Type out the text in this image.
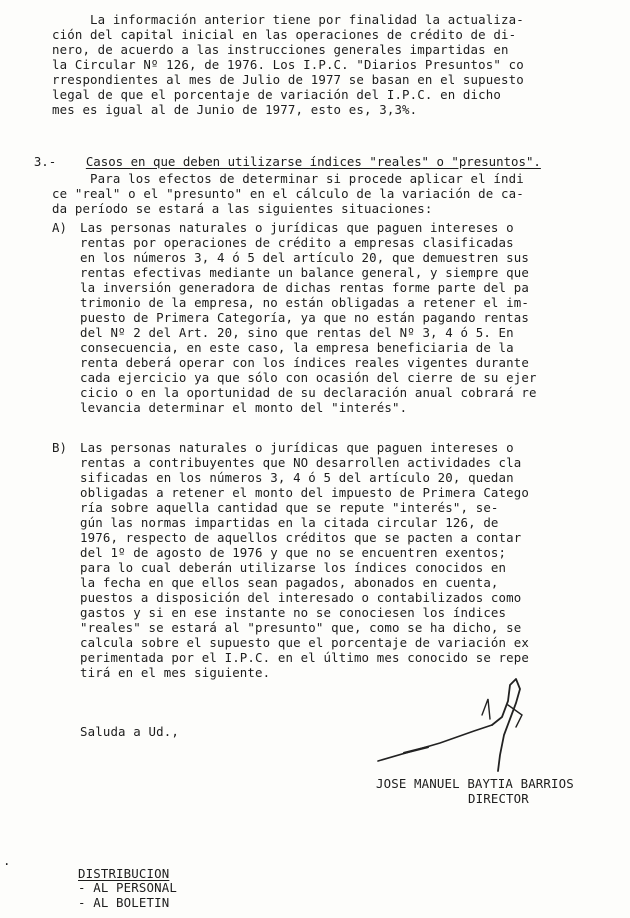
La información anterior tiene por finalidad la actualiza-
ción del capital inicial en las operaciones de crédito de di-
nero, de acuerdo a las instrucciones generales impartidas en
la Circular Nº 126, de 1976. Los I.P.C. "Diarios Presuntos" co
rrespondientes al mes de Julio de 1977 se basan en el supuesto
legal de que el porcentaje de variación del I.P.C. en dicho
mes es igual al de Junio de 1977, esto es, 3,3%.

3.- Casos en que deben utilizarse índices "reales" o "presuntos".

Para los efectos de determinar si procede aplicar el índi
ce "real" o el "presunto" en el cálculo de la variación de ca-
da período se estará a las siguientes situaciones:
A) Las personas naturales o jurídicas que paguen intereses o
rentas por operaciones de crédito a empresas clasificadas
en los números 3, 4 ó 5 del artículo 20, que demuestren sus
rentas efectivas mediante un balance general, y siempre que
la inversión generadora de dichas rentas forme parte del pa
trimonio de la empresa, no están obligadas a retener el im-
puesto de Primera Categoría, ya que no están pagando rentas
del Nº 2 del Art. 20, sino que rentas del Nº 3, 4 ó 5. En
consecuencia, en este caso, la empresa beneficiaria de la
renta deberá operar con los índices reales vigentes durante
cada ejercicio ya que sólo con ocasión del cierre de su ejer
cicio o en la oportunidad de su declaración anual cobrará re
levancia determinar el monto del "interés".
B) Las personas naturales o jurídicas que paguen intereses o
rentas a contribuyentes que NO desarrollen actividades cla
sificadas en los números 3, 4 ó 5 del artículo 20, quedan
obligadas a retener el monto del impuesto de Primera Catego
ría sobre aquella cantidad que se repute "interés", se-
gún las normas impartidas en la citada circular 126, de
1976, respecto de aquellos créditos que se pacten a contar
del 1º de agosto de 1976 y que no se encuentren exentos;
para lo cual deberán utilizarse los índices conocidos en
la fecha en que ellos sean pagados, abonados en cuenta,
puestos a disposición del interesado o contabilizados como
gastos y si en ese instante no se conociesen los índices
"reales" se estará al "presunto" que, como se ha dicho, se
calcula sobre el supuesto que el porcentaje de variación ex
perimentada por el I.P.C. en el último mes conocido se repe
tirá en el mes siguiente.
Saluda a Ud.,
JOSE MANUEL BAYTIA BARRIOS
DIRECTOR
.
DISTRIBUCION
- AL PERSONAL
- AL BOLETIN
